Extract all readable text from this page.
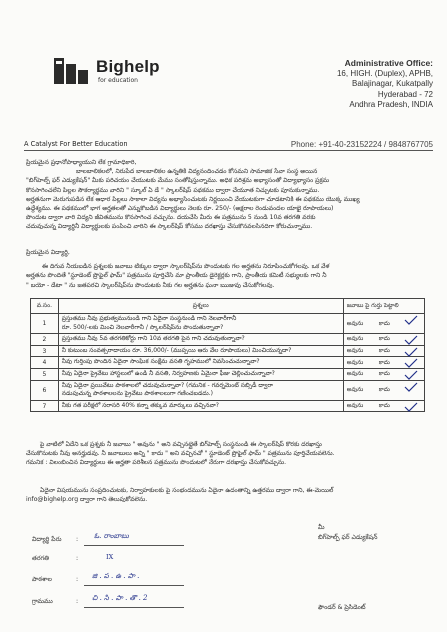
Bighelp
for education
A Catalyst For Better Education
Administrative Office:
16, HIGH. (Duplex), APHB,
Balajinagar, Kukatpally
Hyderabad - 72
Andhra Pradesh, INDIA
Phone: +91-40-23152224 / 9848767705
ప్రియమైన ప్రధానోపాధ్యాయుని లేక గ్రామాధికారి,
బాలబాలికలలో, నిరుపేద బాలబాలికల ఉన్నతికి విద్యనందించడం కోసమని సామాజిక సేవా సంస్థ అయిన
"బిగ్‌హెల్ప్ ఫర్ ఎడ్యుకేషన్" మీకు పరిచయం చేయుటకు మేము సంతోషిస్తున్నాము. అధిక పరిశ్రమ అభ్యాసంతో విద్యాభ్యాసం ప్రక్రమ
కొనసాగించలేని పిల్లల సౌకర్యార్థము వారిని " స్కూల్ ఏ డే " స్కాలర్‌షిప్ పథకము ద్వారా చేయూత నిచ్చుటకు పూనుకున్నాము.
అర్హతనుగా మెరుగుపడిన లేక ఆధార పిల్లలు సాకాలా విద్యను అభ్యాసించుటకు నిర్ణయించి వేయుటకుగా చూడటానికి ఈ పథకము యొక్క ముఖ్య
ఉద్దేశ్యము. ఈ పథకములో భాగ అర్హతలతో ఎన్నుకొబడిన విద్యార్థులు నెలకు రూ. 250/- (అక్షరాల రెండువందల యాభై రూపాయలు)
పొందుట ద్వారా వారి విద్యని జీవితమును కొనసాగించ వచ్చును. దయచేసి మీరు ఈ పత్రమును 5 నుండి 10వ తరగతి వరకు
చదువుచున్న విద్యార్థినీ విద్యార్థులకు పంపించి వారిని ఈ స్కాలర్‌షిప్ కోసము దరఖాస్తు చేసుకొనవలసినదిగా కోరుచున్నాము.
ప్రియమైన విద్యార్థి,
ఈ దిగువ నీయబడిన ప్రశ్నలకు జవాబు టిక్కుల ద్వారా స్కాలర్‌షిప్‌ను పొందుటకు గల అర్హతను నిరూపించుకోగలవు. ఒక వేళ
అర్హతను పొందితే "స్టూడెంట్ ప్రొఫైల్ ఫామ్" పత్రమును పూర్తిచేసి మా ప్రాంతీయ డైరెక్టర్లకు గాని, ప్రాంతీయ కమిటీ సభ్యులకు గాని నీ
" బయో - డేటా " ను జతపరచి స్కాలర్‌షిప్‌ను పొందుటకు నీకు గల అర్హతను ఘనా ఋజువు చేసుకోగలవు.
వ.సం.	ప్రశ్నలు	జవాబు పై గుర్తు పెట్టాలి
1	ప్రస్తుతము నీవు ప్రభుత్వమునుండి గాని ఏదైనా సంస్థనుండి గాని నెలవారీగానీ
రూ. 500/-లకు మించి నెలవారీగానీ / స్కాలర్‌షిప్‌ను పొందుతున్నావా?	అవును కాదు

2	ప్రస్తుతము నీవు 5వ తరగతికోర్టు గాని 10వ తరగతి పైన గాని చదువుతున్నావా?	అవును కాదు

3	నీ కుటుంబ సంవత్సరాదాయం రూ. 36,000/- (ముప్పయి ఆరు వేల రూపాయలు) మించియున్నదా?	అవును కాదు

4	నీవు గుర్తింపు పొందిన ఏదైనా సాంఘిక సంక్షేమ వసతి గృహములో నివసించుచున్నావా?	అవును కాదు

5	నీవు ఏదైనా ప్రైవేటు హాస్టలులో ఉండి నీ వసతి, నిర్వహణకు ఏమైనా ఫీజు చెల్లించుచున్నావా?	అవును కాదు

6	నీవు ఏదైనా ప్రయివేటు పాఠశాలలో చదువుచున్నావా? (గమనిక - గవర్నమెంట్ సబ్సిడీ ద్వారా
నడుపుచున్న పాఠశాలలను ప్రైవేటు పాఠశాలలుగా గణించబడదు.)	అవును కాదు

7	నీకు గత పరీక్షలో సరాసరి 40% కన్నా తక్కువ మార్కులు వచ్చినవా?	అవును కాదు
పై వాటిలో ఏదేని ఒక ప్రశ్నకు నీ జవాబు " అవును " అని వచ్చినట్లైతే బిగ్‌హెల్ప్ సంస్థనుండి ఈ స్కాలర్‌షిప్ కొరకు దరఖాస్తు
చేసుకొనుటకు నీవు అనర్హుడవు. నీ జవాబులు అన్ని " కాదు " అని వచ్చినచో " స్టూడెంట్ ప్రొఫైల్ ఫామ్ " పత్రమును పూర్తిచేయవలెను.
గమనిక : విలంబించిన విద్యార్థులు ఈ అర్హతా పరిశీలన పత్రమును పొందుటలో నేరుగా దరఖాస్తు చేసుకోవచ్చును.
ఏదైనా విషయమును సంప్రదించుటకు, నిర్వాహకులకు పై సంభందమును ఏదైనా ఉదంతాన్ని ఉత్తరము ద్వారా గాని, ఈ-మెయిల్
info@bighelp.org ద్వారా గాని తెలుపుకోవలెను.
విద్యార్థి పేరు : ఓ. రాంబాబు
తరగతి	:	IX
పాఠశాల	: జి . ప . ఉ . పా .
గ్రామము	: చి . సి . పా . తొ . 2
మీ
బిగ్‌హెల్ప్ ఫర్ ఎడ్యుకేషన్
ఫౌండర్ & ప్రెసిడెంట్
